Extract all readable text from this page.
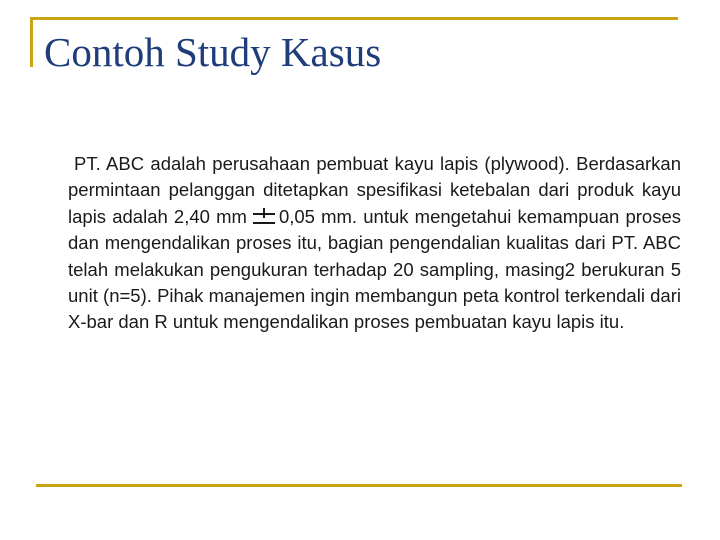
Contoh Study Kasus

PT. ABC adalah perusahaan pembuat kayu lapis (plywood). Berdasarkan permintaan pelanggan ditetapkan spesifikasi ketebalan dari produk kayu lapis adalah 2,40 mm 0,05 mm. untuk mengetahui kemampuan proses dan mengendalikan proses itu, bagian pengendalian kualitas dari PT. ABC telah melakukan pengukuran terhadap 20 sampling, masing2 berukuran 5 unit (n=5). Pihak manajemen ingin membangun peta kontrol terkendali dari X-bar dan R untuk mengendalikan proses pembuatan kayu lapis itu.
